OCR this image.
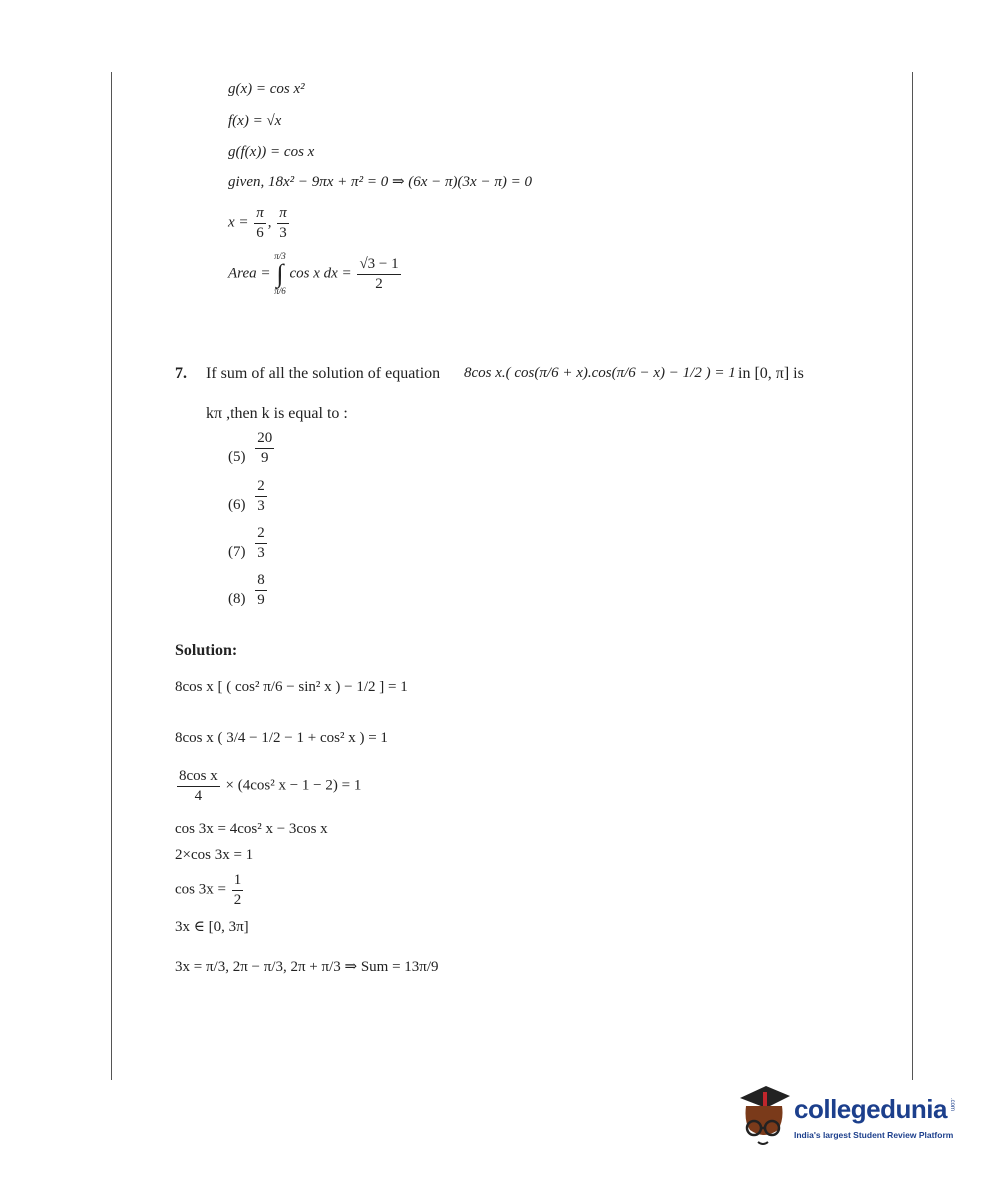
g(x) = cos x²
f(x) = √x
g(f(x)) = cos x
given, 18x² − 9πx + π² = 0 ⇒ (6x − π)(3x − π) = 0
$x = \frac{\pi}{6}$ , $\frac{\pi}{3}$
Area =
π/3
∫
π/6
cos x dx = $\frac{√3 - 1}{2}$
7. If sum of all the solution of equation 8cos x.( cos(π/6 + x).cos(π/6 − x) − 1/2 ) = 1 in [0, π] is
kπ ,then k is equal to :
$(5) \frac{20}{9}$
$(6) \frac{2}{3}$
$(7) \frac{2}{3}$
$(8) \frac{8}{9}$
Solution:
8cos x [ ( cos² π/6 − sin² x ) − 1/2 ] = 1
8cos x ( 3/4 − 1/2 − 1 + cos² x ) = 1
$\frac{\text{8cos x}}{4} \times (4\cos^2$ x − 1 − 2) = 1
cos 3x = 4cos² x − 3cos x
2×cos 3x = 1
$\cos 3x = \frac{1}{2}$
3x ∈ [0, 3π]
3x = π/3, 2π − π/3, 2π + π/3 ⇒ Sum = 13π/9
collegedunia .com
India's largest Student Review Platform
